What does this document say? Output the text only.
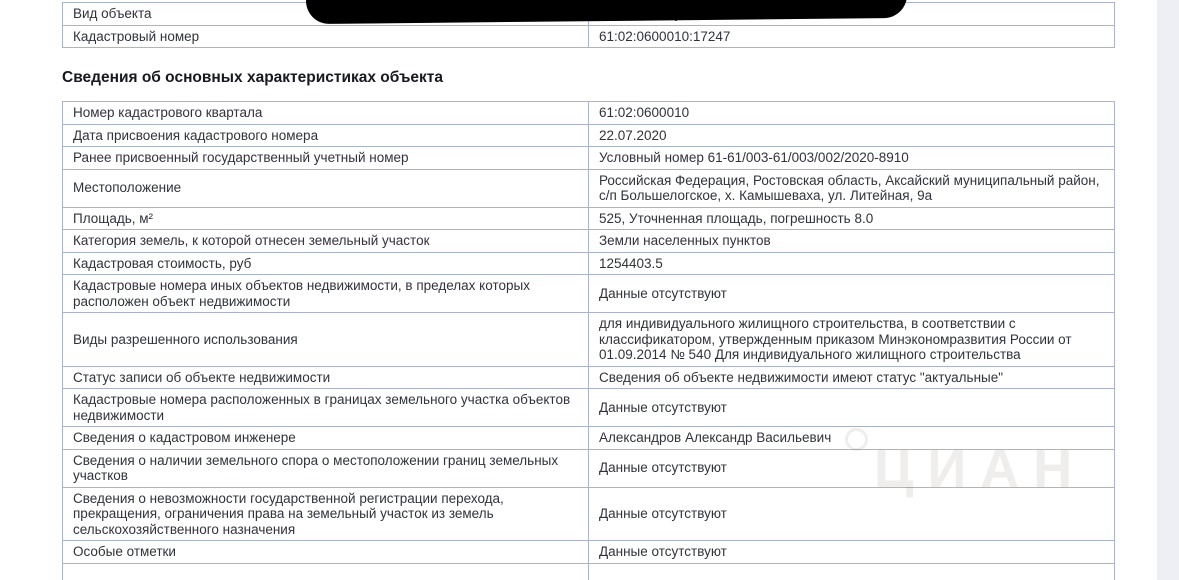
Вид объекта	
Кадастровый номер	61:02:0600010:17247
Сведения об основных характеристиках объекта
Номер кадастрового квартала	61:02:0600010
Дата присвоения кадастрового номера	22.07.2020
Ранее присвоенный государственный учетный номер	Условный номер 61-61/003-61/003/002/2020-8910
Местоположение	Российская Федерация, Ростовская область, Аксайский муниципальный район, с/п Большелогское, х. Камышеваха, ул. Литейная, 9а
Площадь, м²	525, Уточненная площадь, погрешность 8.0
Категория земель, к которой отнесен земельный участок	Земли населенных пунктов
Кадастровая стоимость, руб	1254403.5
Кадастровые номера иных объектов недвижимости, в пределах которых расположен объект недвижимости	Данные отсутствуют
Виды разрешенного использования	для индивидуального жилищного строительства, в соответствии с классификатором, утвержденным приказом Минэкономразвития России от 01.09.2014 № 540 Для индивидуального жилищного строительства
Статус записи об объекте недвижимости	Сведения об объекте недвижимости имеют статус "актуальные"
Кадастровые номера расположенных в границах земельного участка объектов недвижимости	Данные отсутствуют
Сведения о кадастровом инженере	Александров Александр Васильевич
Сведения о наличии земельного спора о местоположении границ земельных участков	Данные отсутствуют
Сведения о невозможности государственной регистрации перехода, прекращения, ограничения права на земельный участок из земель сельскохозяйственного назначения	Данные отсутствуют
Особые отметки	Данные отсутствуют
